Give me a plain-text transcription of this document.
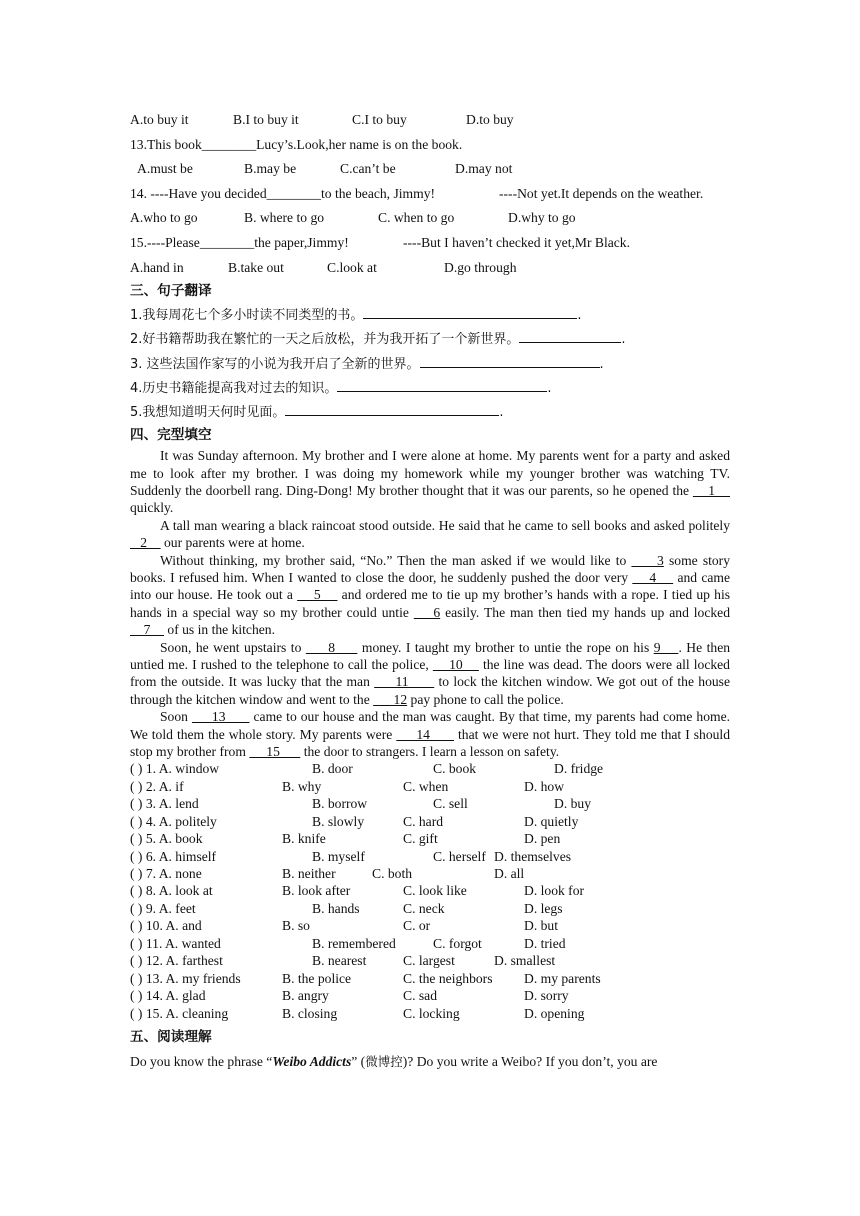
A.to buy it	B.I to buy it	C.I to buy	D.to buy
13.This book________Lucy’s.Look,her name is on the book.
A.must be	B.may be	C.can’t be	D.may not
14. ----Have you decided________to the beach, Jimmy!	----Not yet.It depends on the weather.
A.who to go	B. where to go	C. when to go	D.why to go
15.----Please________the paper,Jimmy!	----But I haven’t checked it yet,Mr Black.
A.hand in	B.take out	C.look at	D.go through
三、句子翻译
1.我每周花七个多小时读不同类型的书。	.
2.好书籍帮助我在繁忙的一天之后放松，并为我开拓了一个新世界。	.
3. 这些法国作家写的小说为我开启了全新的世界。	.
4.历史书籍能提高我对过去的知识。	.
5.我想知道明天何时见面。	.
四、完型填空

It was Sunday afternoon. My brother and I were alone at home. My parents went for a party and asked me to look after my brother. I was doing my homework while my younger brother was watching TV. Suddenly the doorbell rang. Ding-Dong! My brother thought that it was our parents, so he opened the     1     quickly.

A tall man wearing a black raincoat stood outside. He said that he came to sell books and asked politely    2     our parents were at home.

Without thinking, my brother said, “No.” Then the man asked if we would like to      3 some story books. I refused him. When I wanted to close the door, he suddenly pushed the door very     4     and came into our house. He took out a     5     and ordered me to tie up my brother’s hands with a rope. I tied up his hands in a special way so my brother could untie     6 easily. The man then tied my hands up and locked     7     of us in the kitchen.

Soon, he went upstairs to      8      money. I taught my brother to untie the rope on his 9    . He then untied me. I rushed to the telephone to call the police,     10     the line was dead. The doors were all locked from the outside. It was lucky that the man      11       to lock the kitchen window. We got out of the house through the kitchen window and went to the       12 pay phone to call the police.

Soon      13       came to our house and the man was caught. By that time, my parents had come home. We told them the whole story. My parents were      14       that we were not hurt. They told me that I should stop my brother from      15       the door to strangers. I learn a lesson on safety.

( ) 1. A. window	B. door	C. book	D. fridge
( ) 2. A. if	B. why	C. when	D. how
( ) 3. A. lend	B. borrow	C. sell	D. buy
( ) 4. A. politely	B. slowly	C. hard	D. quietly
( ) 5. A. book	B. knife	C. gift	D. pen
( ) 6. A. himself	B. myself	C. herself D. themselves
( ) 7. A. none	B. neither	C. both	D. all
( ) 8. A. look at	B. look after	C. look like	D. look for
( ) 9. A. feet	B. hands	C. neck	D. legs
( ) 10. A. and	B. so	C. or	D. but
( ) 11. A. wanted	B. remembered	C. forgot	D. tried
( ) 12. A. farthest	B. nearest	C. largest	D. smallest
( ) 13. A. my friends	B. the police	C. the neighbors D. my parents
( ) 14. A. glad	B. angry	C. sad	D. sorry
( ) 15. A. cleaning	B. closing	C. locking	D. opening
五、阅读理解
Do you know the phrase “Weibo Addicts” (微博控)? Do you write a Weibo? If you don’t, you are
